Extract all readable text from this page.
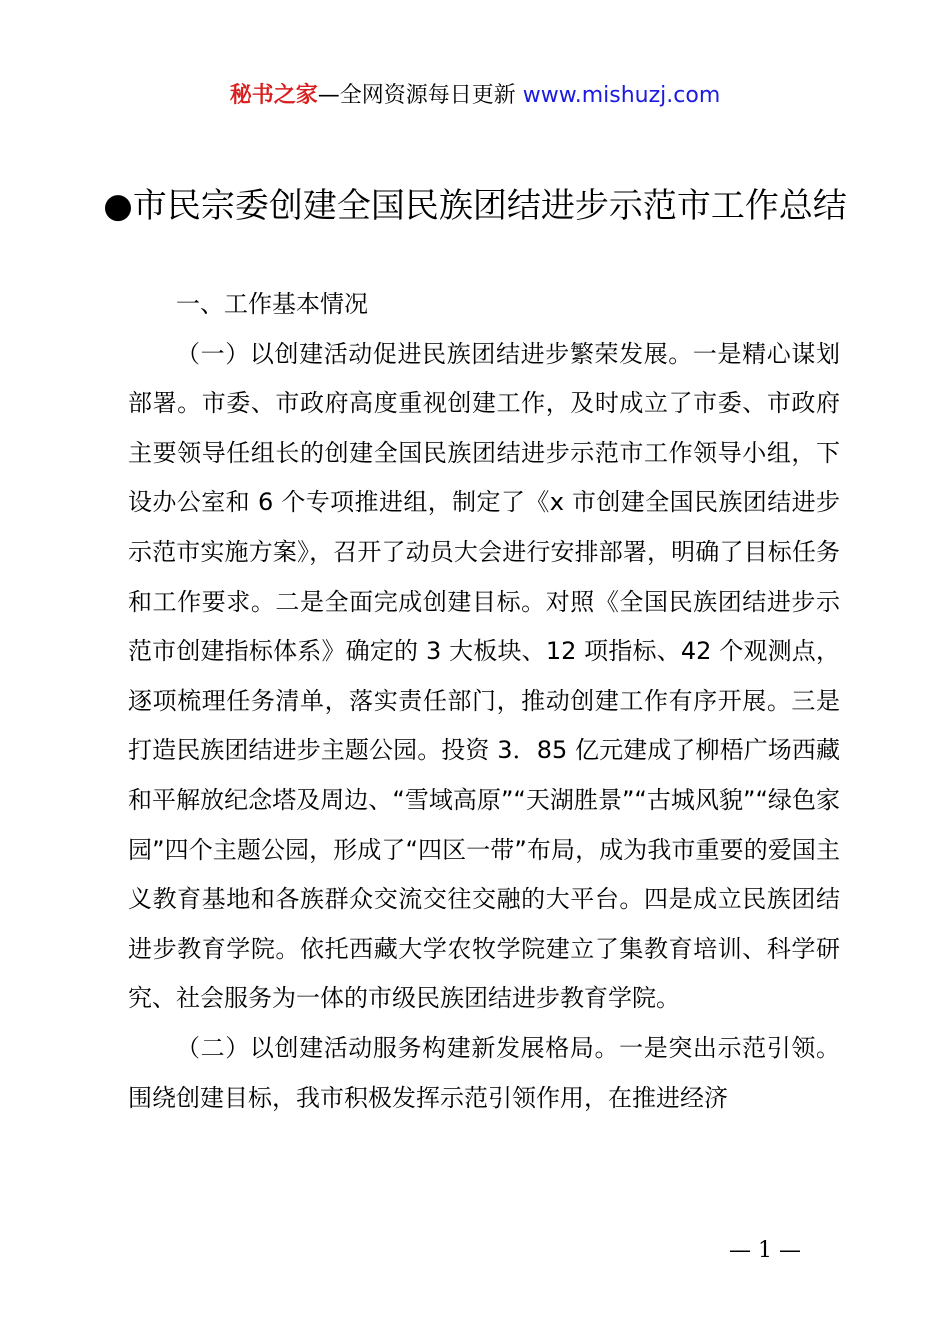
秘书之家—全网资源每日更新 www.mishuzj.com
●市民宗委创建全国民族团结进步示范市工作总结
一、工作基本情况

（一）以创建活动促进民族团结进步繁荣发展。一是精心谋划部署。市委、市政府高度重视创建工作，及时成立了市委、市政府主要领导任组长的创建全国民族团结进步示范市工作领导小组，下设办公室和 6 个专项推进组，制定了《x 市创建全国民族团结进步示范市实施方案》，召开了动员大会进行安排部署，明确了目标任务和工作要求。二是全面完成创建目标。对照《全国民族团结进步示范市创建指标体系》确定的 3 大板块、12 项指标、42 个观测点，逐项梳理任务清单，落实责任部门，推动创建工作有序开展。三是打造民族团结进步主题公园。投资 3．85 亿元建成了柳梧广场西藏和平解放纪念塔及周边、“雪域高原”“天湖胜景”“古城风貌”“绿色家园”四个主题公园，形成了“四区一带”布局，成为我市重要的爱国主义教育基地和各族群众交流交往交融的大平台。四是成立民族团结进步教育学院。依托西藏大学农牧学院建立了集教育培训、科学研究、社会服务为一体的市级民族团结进步教育学院。

（二）以创建活动服务构建新发展格局。一是突出示范引领。围绕创建目标，我市积极发挥示范引领作用，在推进经济

— 1 —
